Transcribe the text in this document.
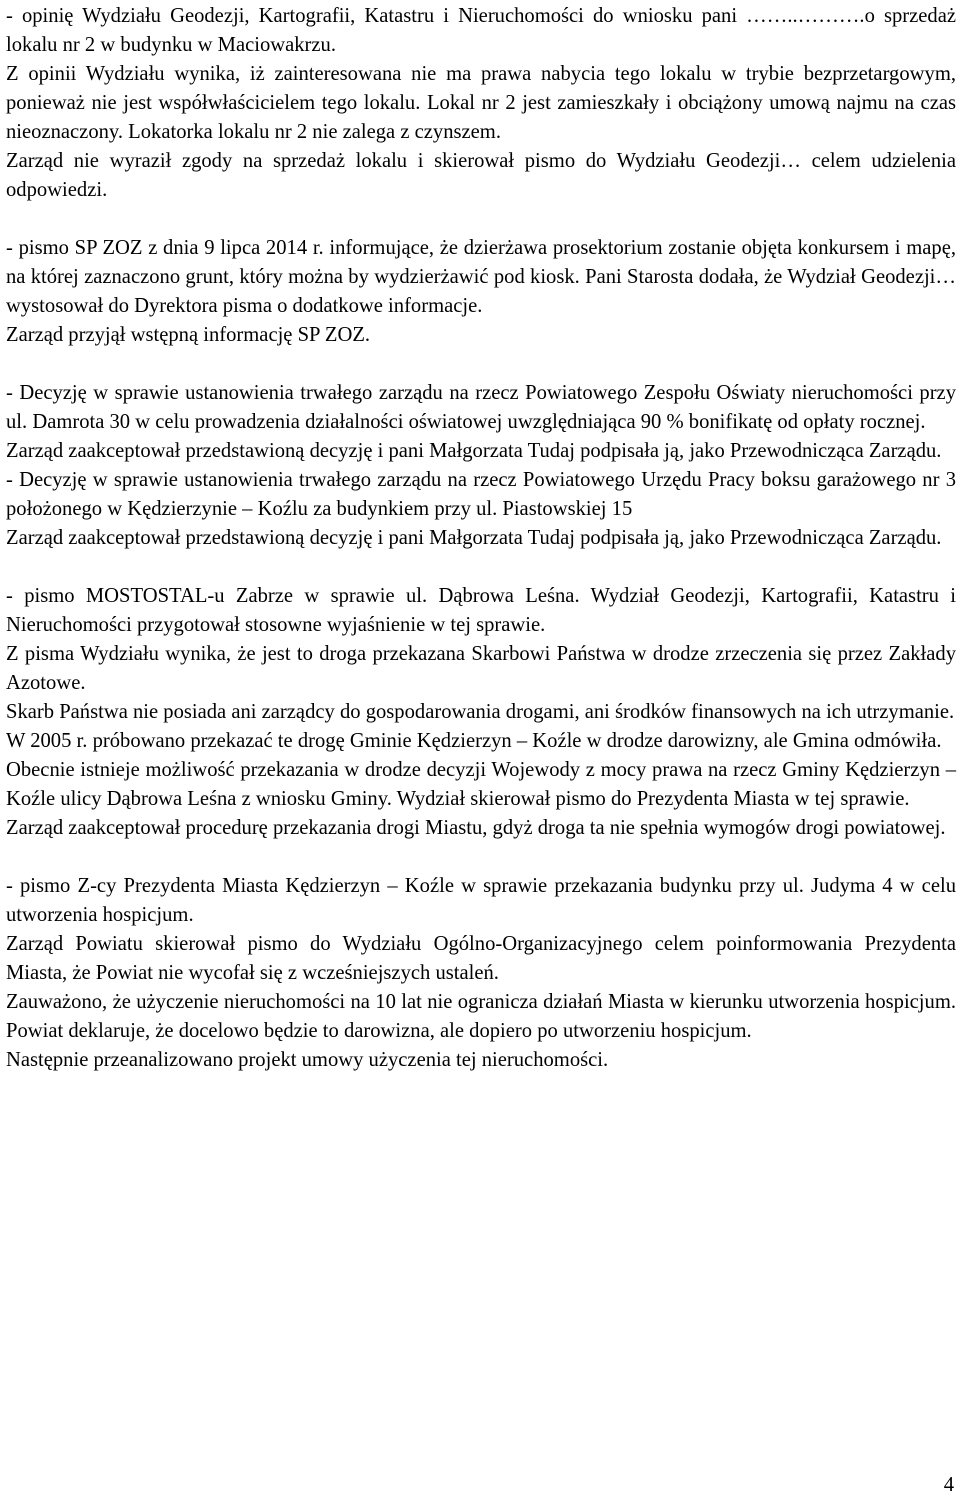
- opinię Wydziału Geodezji, Kartografii, Katastru i Nieruchomości do wniosku pani ……..……….o sprzedaż lokalu nr 2 w budynku w Maciowakrzu.

Z opinii Wydziału wynika, iż zainteresowana nie ma prawa nabycia tego lokalu w trybie bezprzetargowym, ponieważ nie jest współwłaścicielem tego lokalu. Lokal nr 2 jest zamieszkały i obciążony umową najmu na czas nieoznaczony. Lokatorka lokalu nr 2 nie zalega z czynszem.

Zarząd nie wyraził zgody na sprzedaż lokalu i skierował pismo do Wydziału Geodezji… celem udzielenia odpowiedzi.

- pismo SP ZOZ z dnia 9 lipca 2014 r. informujące, że dzierżawa prosektorium zostanie objęta konkursem i mapę, na której zaznaczono grunt, który można by wydzierżawić pod kiosk. Pani Starosta dodała, że Wydział Geodezji… wystosował do Dyrektora pisma o dodatkowe informacje.

Zarząd przyjął wstępną informację SP ZOZ.

- Decyzję w sprawie ustanowienia trwałego zarządu na rzecz Powiatowego Zespołu Oświaty nieruchomości przy ul. Damrota 30 w celu prowadzenia działalności oświatowej uwzględniająca 90 % bonifikatę od opłaty rocznej.

Zarząd zaakceptował przedstawioną decyzję i pani Małgorzata Tudaj podpisała ją, jako Przewodnicząca Zarządu.

- Decyzję w sprawie ustanowienia trwałego zarządu na rzecz Powiatowego Urzędu Pracy boksu garażowego nr 3 położonego w Kędzierzynie – Koźlu za budynkiem przy ul. Piastowskiej 15

Zarząd zaakceptował przedstawioną decyzję i pani Małgorzata Tudaj podpisała ją, jako Przewodnicząca Zarządu.

- pismo MOSTOSTAL-u Zabrze w sprawie ul. Dąbrowa Leśna. Wydział Geodezji, Kartografii, Katastru i Nieruchomości przygotował stosowne wyjaśnienie w tej sprawie.

Z pisma Wydziału wynika, że jest to droga przekazana Skarbowi Państwa w drodze zrzeczenia się przez Zakłady Azotowe.

Skarb Państwa nie posiada ani zarządcy do gospodarowania drogami, ani środków finansowych na ich utrzymanie.

W 2005 r. próbowano przekazać te drogę Gminie Kędzierzyn – Koźle w drodze darowizny, ale Gmina odmówiła.

Obecnie istnieje możliwość przekazania w drodze decyzji Wojewody z mocy prawa na rzecz Gminy Kędzierzyn – Koźle ulicy Dąbrowa Leśna z wniosku Gminy. Wydział skierował pismo do Prezydenta Miasta w tej sprawie.

Zarząd zaakceptował procedurę przekazania drogi Miastu, gdyż droga ta nie spełnia wymogów drogi powiatowej.

- pismo Z-cy Prezydenta Miasta Kędzierzyn – Koźle w sprawie przekazania budynku przy ul. Judyma 4 w celu utworzenia hospicjum.

Zarząd Powiatu skierował pismo do Wydziału Ogólno-Organizacyjnego celem poinformowania Prezydenta Miasta, że Powiat nie wycofał się z wcześniejszych ustaleń.

Zauważono, że użyczenie nieruchomości na 10 lat nie ogranicza działań Miasta w kierunku utworzenia hospicjum. Powiat deklaruje, że docelowo będzie to darowizna, ale dopiero po utworzeniu hospicjum.

Następnie przeanalizowano projekt umowy użyczenia tej nieruchomości.

4
